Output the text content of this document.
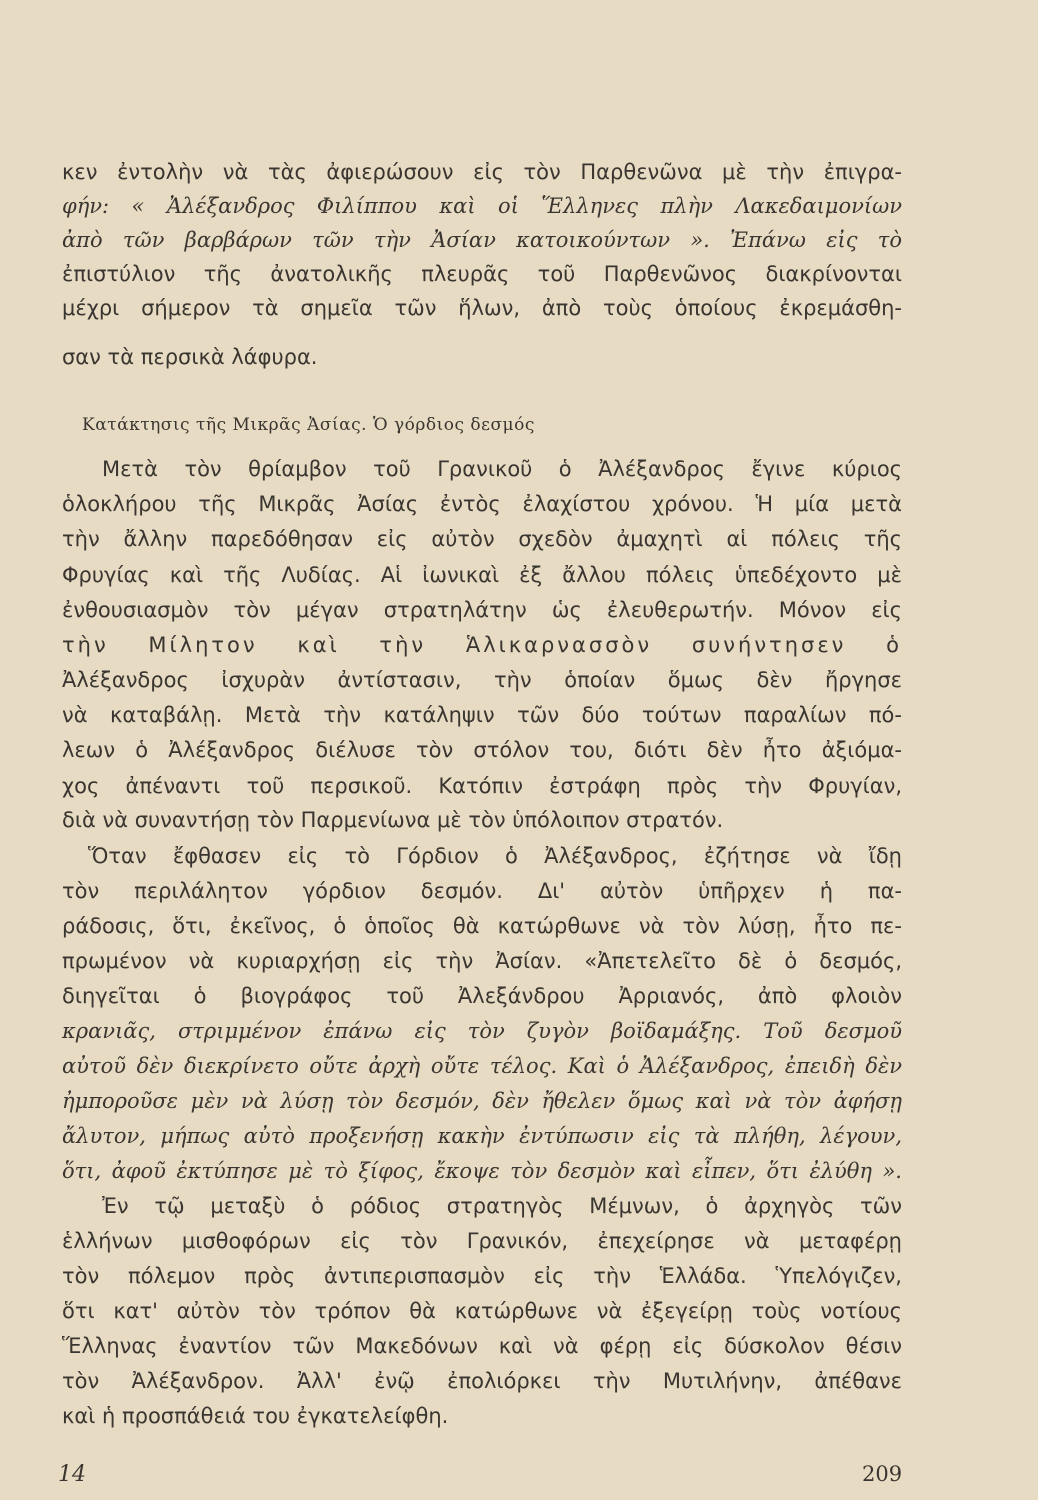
κεν ἐντολὴν νὰ τὰς ἀφιερώσουν εἰς τὸν Παρθενῶνα μὲ τὴν ἐπιγρα-
φήν: « Ἀλέξανδρος Φιλίππου καὶ οἱ Ἕλληνες πλὴν Λακεδαιμονίων
ἀπὸ τῶν βαρβάρων τῶν τὴν Ἀσίαν κατοικούντων ». Ἐπάνω εἰς τὸ
ἐπιστύλιον τῆς ἀνατολικῆς πλευρᾶς τοῦ Παρθενῶνος διακρίνονται
μέχρι σήμερον τὰ σημεῖα τῶν ἥλων, ἀπὸ τοὺς ὁποίους ἐκρεμάσθη-
σαν τὰ περσικὰ λάφυρα.
Κατάκτησις τῆς Μικρᾶς Ἀσίας. Ὁ γόρδιος δεσμός
Μετὰ τὸν θρίαμβον τοῦ Γρανικοῦ ὁ Ἀλέξανδρος ἔγινε κύριος
ὁλοκλήρου τῆς Μικρᾶς Ἀσίας ἐντὸς ἐλαχίστου χρόνου. Ἡ μία μετὰ
τὴν ἄλλην παρεδόθησαν εἰς αὐτὸν σχεδὸν ἀμαχητὶ αἱ πόλεις τῆς
Φρυγίας καὶ τῆς Λυδίας. Αἱ ἰωνικαὶ ἐξ ἄλλου πόλεις ὑπεδέχοντο μὲ
ἐνθουσιασμὸν τὸν μέγαν στρατηλάτην ὡς ἐλευθερωτήν. Μόνον εἰς
τὴν Μίλητον καὶ τὴν Ἁλικαρνασσὸν συνήντησεν ὁ
Ἀλέξανδρος ἰσχυρὰν ἀντίστασιν, τὴν ὁποίαν ὅμως δὲν ἤργησε
νὰ καταβάλῃ. Μετὰ τὴν κατάληψιν τῶν δύο τούτων παραλίων πό-
λεων ὁ Ἀλέξανδρος διέλυσε τὸν στόλον του, διότι δὲν ἦτο ἀξιόμα-
χος ἀπέναντι τοῦ περσικοῦ. Κατόπιν ἐστράφη πρὸς τὴν Φρυγίαν,
διὰ νὰ συναντήσῃ τὸν Παρμενίωνα μὲ τὸν ὑπόλοιπον στρατόν.
Ὅταν ἔφθασεν εἰς τὸ Γόρδιον ὁ Ἀλέξανδρος, ἐζήτησε νὰ ἴδῃ
τὸν περιλάλητον γόρδιον δεσμόν. Δι' αὐτὸν ὑπῆρχεν ἡ πα-
ράδοσις, ὅτι, ἐκεῖνος, ὁ ὁποῖος θὰ κατώρθωνε νὰ τὸν λύσῃ, ἦτο πε-
πρωμένον νὰ κυριαρχήσῃ εἰς τὴν Ἀσίαν. «Ἀπετελεῖτο δὲ ὁ δεσμός,
διηγεῖται ὁ βιογράφος τοῦ Ἀλεξάνδρου Ἀρριανός, ἀπὸ φλοιὸν
κρανιᾶς, στριμμένον ἐπάνω εἰς τὸν ζυγὸν βοϊδαμάξης. Τοῦ δεσμοῦ
αὐτοῦ δὲν διεκρίνετο οὔτε ἀρχὴ οὔτε τέλος. Καὶ ὁ Ἀλέξανδρος, ἐπειδὴ δὲν
ἠμποροῦσε μὲν νὰ λύσῃ τὸν δεσμόν, δὲν ἤθελεν ὅμως καὶ νὰ τὸν ἀφήσῃ
ἄλυτον, μήπως αὐτὸ προξενήσῃ κακὴν ἐντύπωσιν εἰς τὰ πλήθη, λέγουν,
ὅτι, ἀφοῦ ἐκτύπησε μὲ τὸ ξίφος, ἔκοψε τὸν δεσμὸν καὶ εἶπεν, ὅτι ἐλύθη ».
Ἐν τῷ μεταξὺ ὁ ρόδιος στρατηγὸς Μέμνων, ὁ ἀρχηγὸς τῶν
ἑλλήνων μισθοφόρων εἰς τὸν Γρανικόν, ἐπεχείρησε νὰ μεταφέρῃ
τὸν πόλεμον πρὸς ἀντιπερισπασμὸν εἰς τὴν Ἑλλάδα. Ὑπελόγιζεν,
ὅτι κατ' αὐτὸν τὸν τρόπον θὰ κατώρθωνε νὰ ἐξεγείρῃ τοὺς νοτίους
Ἕλληνας ἐναντίον τῶν Μακεδόνων καὶ νὰ φέρῃ εἰς δύσκολον θέσιν
τὸν Ἀλέξανδρον. Ἀλλ' ἐνῷ ἐπολιόρκει τὴν Μυτιλήνην, ἀπέθανε
καὶ ἡ προσπάθειά του ἐγκατελείφθη.
14	209
